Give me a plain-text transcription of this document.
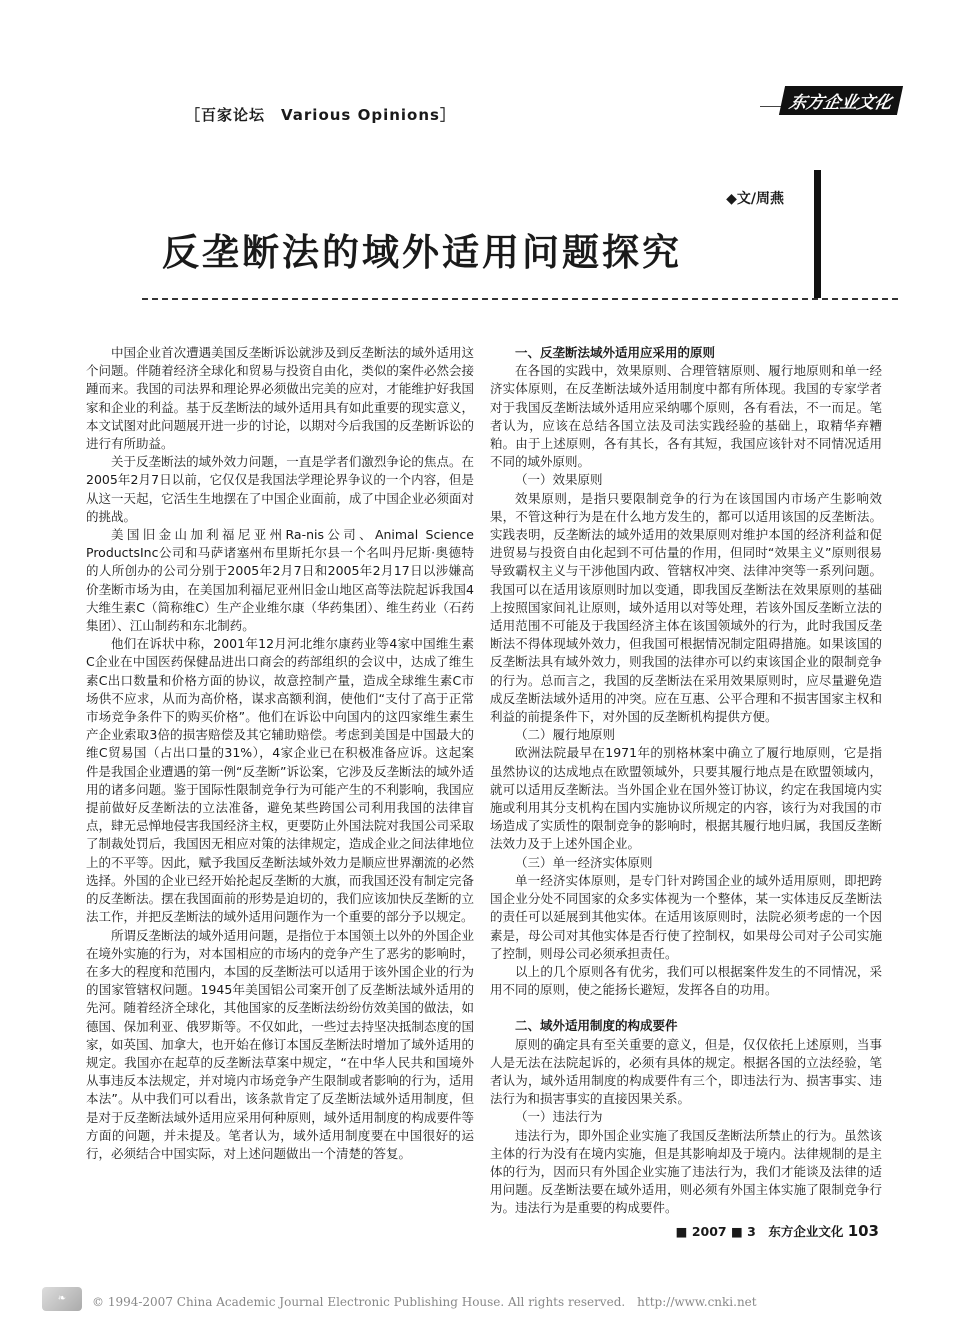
［百家论坛　Various Opinions］
东方企业文化
◆文/周燕
反垄断法的域外适用问题探究

中国企业首次遭遇美国反垄断诉讼就涉及到反垄断法的域外适用这个问题。伴随着经济全球化和贸易与投资自由化，类似的案件必然会接踵而来。我国的司法界和理论界必须做出完美的应对，才能维护好我国家和企业的利益。基于反垄断法的域外适用具有如此重要的现实意义，本文试图对此问题展开进一步的讨论，以期对今后我国的反垄断诉讼的进行有所助益。

关于反垄断法的域外效力问题，一直是学者们激烈争论的焦点。在2005年2月7日以前，它仅仅是我国法学理论界争议的一个内容，但是从这一天起，它活生生地摆在了中国企业面前，成了中国企业必须面对的挑战。

美国旧金山加利福尼亚州Ra-nis公司、Animal Science ProductsInc公司和马萨诸塞州布里斯托尔县一个名叫丹尼斯·奥德特的人所创办的公司分别于2005年2月7日和2005年2月17日以涉嫌高价垄断市场为由，在美国加利福尼亚州旧金山地区高等法院起诉我国4大维生素C（简称维C）生产企业维尔康（华药集团）、维生药业（石药集团）、江山制药和东北制药。

他们在诉状中称，2001年12月河北维尔康药业等4家中国维生素C企业在中国医药保健品进出口商会的药部组织的会议中，达成了维生素C出口数量和价格方面的协议，故意控制产量，造成全球维生素C市场供不应求，从而为高价格，谋求高额利润，使他们“支付了高于正常市场竞争条件下的购买价格”。他们在诉讼中向国内的这四家维生素生产企业索取3倍的损害赔偿及其它辅助赔偿。考虑到美国是中国最大的维C贸易国（占出口量的31%），4家企业已在积极准备应诉。这起案件是我国企业遭遇的第一例“反垄断”诉讼案，它涉及反垄断法的域外适用的诸多问题。鉴于国际性限制竞争行为可能产生的不利影响，我国应提前做好反垄断法的立法准备，避免某些跨国公司利用我国的法律盲点，肆无忌惮地侵害我国经济主权，更要防止外国法院对我国公司采取了制裁处罚后，我国因无相应对策的法律规定，造成企业之间法律地位上的不平等。因此，赋予我国反垄断法域外效力是顺应世界潮流的必然选择。外国的企业已经开始抡起反垄断的大旗，而我国还没有制定完备的反垄断法。摆在我国面前的形势是迫切的，我们应该加快反垄断的立法工作，并把反垄断法的域外适用问题作为一个重要的部分予以规定。

所谓反垄断法的域外适用问题，是指位于本国领土以外的外国企业在境外实施的行为，对本国相应的市场内的竞争产生了恶劣的影响时，在多大的程度和范围内，本国的反垄断法可以适用于该外国企业的行为的国家管辖权问题。1945年美国铝公司案开创了反垄断法域外适用的先河。随着经济全球化，其他国家的反垄断法纷纷仿效美国的做法，如德国、保加利亚、俄罗斯等。不仅如此，一些过去持坚决抵制态度的国家，如英国、加拿大，也开始在修订本国反垄断法时增加了域外适用的规定。我国亦在起草的反垄断法草案中规定，“在中华人民共和国境外从事违反本法规定，并对境内市场竞争产生限制或者影响的行为，适用本法”。从中我们可以看出，该条款肯定了反垄断法域外适用制度，但是对于反垄断法域外适用应采用何种原则，域外适用制度的构成要件等方面的问题，并未提及。笔者认为，域外适用制度要在中国很好的运行，必须结合中国实际，对上述问题做出一个清楚的答复。

一、反垄断法域外适用应采用的原则

在各国的实践中，效果原则、合理管辖原则、履行地原则和单一经济实体原则，在反垄断法域外适用制度中都有所体现。我国的专家学者对于我国反垄断法域外适用应采纳哪个原则，各有看法，不一而足。笔者认为，应该在总结各国立法及司法实践经验的基础上，取精华弃糟粕。由于上述原则，各有其长，各有其短，我国应该针对不同情况适用不同的域外原则。

（一）效果原则

效果原则，是指只要限制竞争的行为在该国国内市场产生影响效果，不管这种行为是在什么地方发生的，都可以适用该国的反垄断法。实践表明，反垄断法的域外适用的效果原则对维护本国的经济利益和促进贸易与投资自由化起到不可估量的作用，但同时“效果主义”原则很易导致霸权主义与干涉他国内政、管辖权冲突、法律冲突等一系列问题。我国可以在适用该原则时加以变通，即我国反垄断法在效果原则的基础上按照国家间礼让原则，域外适用以对等处理，若该外国反垄断立法的适用范围不可能及于我国经济主体在该国领域外的行为，此时我国反垄断法不得体现域外效力，但我国可根据情况制定阻碍措施。如果该国的反垄断法具有域外效力，则我国的法律亦可以约束该国企业的限制竞争的行为。总而言之，我国的反垄断法在采用效果原则时，应尽量避免造成反垄断法域外适用的冲突。应在互惠、公平合理和不损害国家主权和利益的前提条件下，对外国的反垄断机构提供方便。

（二）履行地原则

欧洲法院最早在1971年的别格林案中确立了履行地原则，它是指虽然协议的达成地点在欧盟领域外，只要其履行地点是在欧盟领域内，就可以适用反垄断法。当外国企业在国外签订协议，约定在我国境内实施或利用其分支机构在国内实施协议所规定的内容，该行为对我国的市场造成了实质性的限制竞争的影响时，根据其履行地归属，我国反垄断法效力及于上述外国企业。

（三）单一经济实体原则

单一经济实体原则，是专门针对跨国企业的域外适用原则，即把跨国企业分处不同国家的众多实体视为一个整体，某一实体违反反垄断法的责任可以延展到其他实体。在适用该原则时，法院必须考虑的一个因素是，母公司对其他实体是否行使了控制权，如果母公司对子公司实施了控制，则母公司必须承担责任。

以上的几个原则各有优劣，我们可以根据案件发生的不同情况，采用不同的原则，使之能扬长避短，发挥各自的功用。

二、域外适用制度的构成要件

原则的确定具有至关重要的意义，但是，仅仅依托上述原则，当事人是无法在法院起诉的，必须有具体的规定。根据各国的立法经验，笔者认为，域外适用制度的构成要件有三个，即违法行为、损害事实、违法行为和损害事实的直接因果关系。

（一）违法行为

违法行为，即外国企业实施了我国反垄断法所禁止的行为。虽然该主体的行为没有在境内实施，但是其影响却及于境内。法律规制的是主体的行为，因而只有外国企业实施了违法行为，我们才能谈及法律的适用问题。反垄断法要在域外适用，则必须有外国主体实施了限制竞争行为。违法行为是重要的构成要件。

■ 2007 ■ 3　东方企业文化 103
❧	© 1994-2007 China Academic Journal Electronic Publishing House. All rights reserved.　http://www.cnki.net
